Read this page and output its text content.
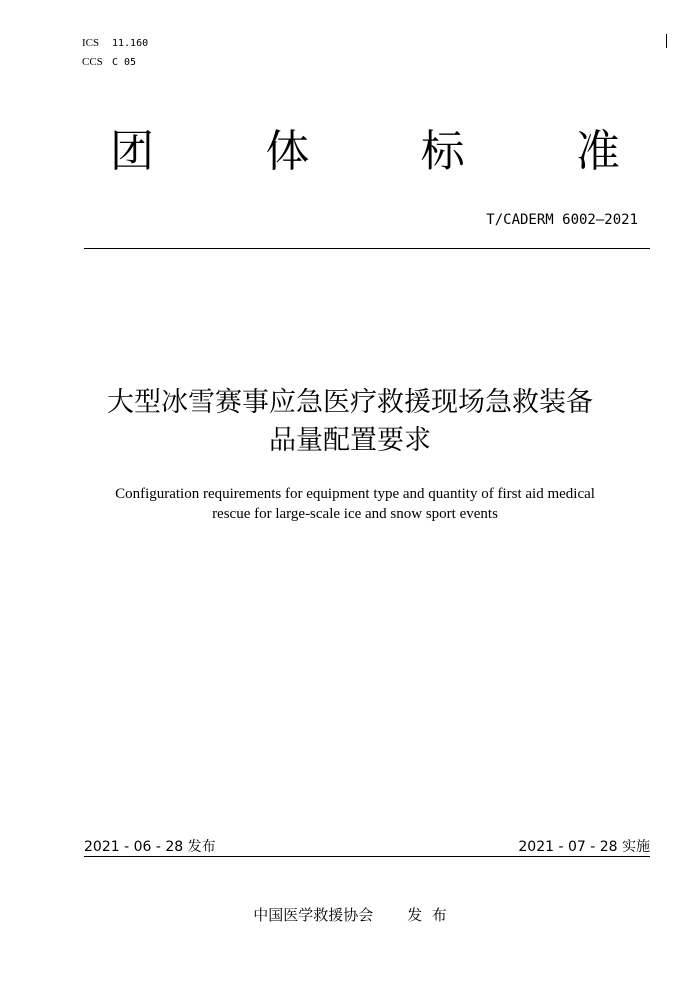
ICS 11.160
CCS C 05
团	体	标	准
T/CADERM 6002—2021
大型冰雪赛事应急医疗救援现场急救装备
品量配置要求
Configuration requirements for equipment type and quantity of first aid medical
rescue for large-scale ice and snow sport events
2021 - 06 - 28 发布	2021 - 07 - 28 实施
中国医学救援协会 发  布
